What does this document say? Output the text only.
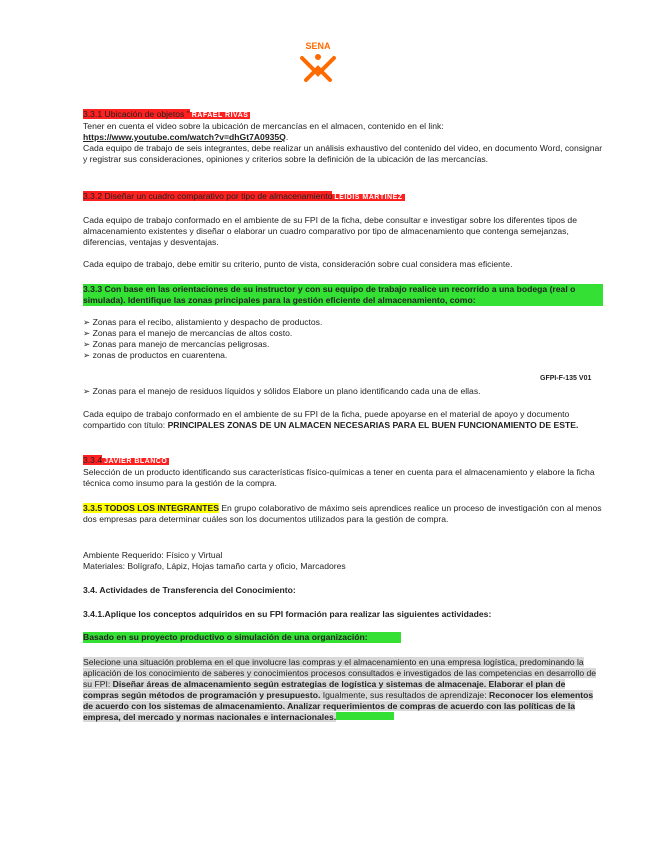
SENA
3.3.1 Ubicación de objetos " RAFAEL RIVAS
Tener en cuenta el video sobre la ubicación de mercancías en el almacen, contenido en el link:
https://www.youtube.com/watch?v=dhGt7A0935Q.
Cada equipo de trabajo de seis integrantes, debe realizar un análisis exhaustivo del contenido del video, en documento Word, consignar y registrar sus consideraciones, opiniones y criterios sobre la definición de la ubicación de las mercancías.
3.3.2 Diseñar un cuadro comparativo por tipo de almacenamiento LEIDIS MARTINEZ
Cada equipo de trabajo conformado en el ambiente de su FPI de la ficha, debe consultar e investigar sobre los diferentes tipos de almacenamiento existentes y diseñar o elaborar un cuadro comparativo por tipo de almacenamiento que contenga semejanzas, diferencias, ventajas y desventajas.
Cada equipo de trabajo, debe emitir su criterio, punto de vista, consideración sobre cual considera mas eficiente.
3.3.3 Con base en las orientaciones de su instructor y con su equipo de trabajo realice un recorrido a una bodega (real o simulada). Identifique las zonas principales para la gestión eficiente del almacenamiento, como:
➢ Zonas para el recibo, alistamiento y despacho de productos.
➢ Zonas para el manejo de mercancías de altos costo.
➢ Zonas para manejo de mercancías peligrosas.
➢ zonas de productos en cuarentena.
GFPI-F-135 V01
➢ Zonas para el manejo de residuos líquidos y sólidos Elabore un plano identificando cada una de ellas.
Cada equipo de trabajo conformado en el ambiente de su FPI de la ficha, puede apoyarse en el material de apoyo y documento compartido con título: PRINCIPALES ZONAS DE UN ALMACEN NECESARIAS PARA EL BUEN FUNCIONAMIENTO DE ESTE.
3.3.4 JAVIER BLANCO
Selección de un producto identificando sus características físico-químicas a tener en cuenta para el almacenamiento y elabore la ficha técnica como insumo para la gestión de la compra.
3.3.5 TODOS LOS INTEGRANTES En grupo colaborativo de máximo seis aprendices realice un proceso de investigación con al menos dos empresas para determinar cuáles son los documentos utilizados para la gestión de compra.
Ambiente Requerido: Físico y Virtual
Materiales: Bolígrafo, Lápiz, Hojas tamaño carta y oficio, Marcadores
3.4. Actividades de Transferencia del Conocimiento:
3.4.1.Aplique los conceptos adquiridos en su FPI formación para realizar las siguientes actividades:
Basado en su proyecto productivo o simulación de una organización:
Selecione una situación problema en el que involucre las compras y el almacenamiento en una empresa logística, predominando la aplicación de los conocimiento de saberes y conocimientos procesos consultados e investigados de las competencias en desarrollo de su FPI: Diseñar áreas de almacenamiento según estrategias de logística y sistemas de almacenaje. Elaborar el plan de compras según métodos de programación y presupuesto. Igualmente, sus resultados de aprendizaje: Reconocer los elementos de acuerdo con los sistemas de almacenamiento. Analizar requerimientos de compras de acuerdo con las políticas de la empresa, del mercado y normas nacionales e internacionales.
